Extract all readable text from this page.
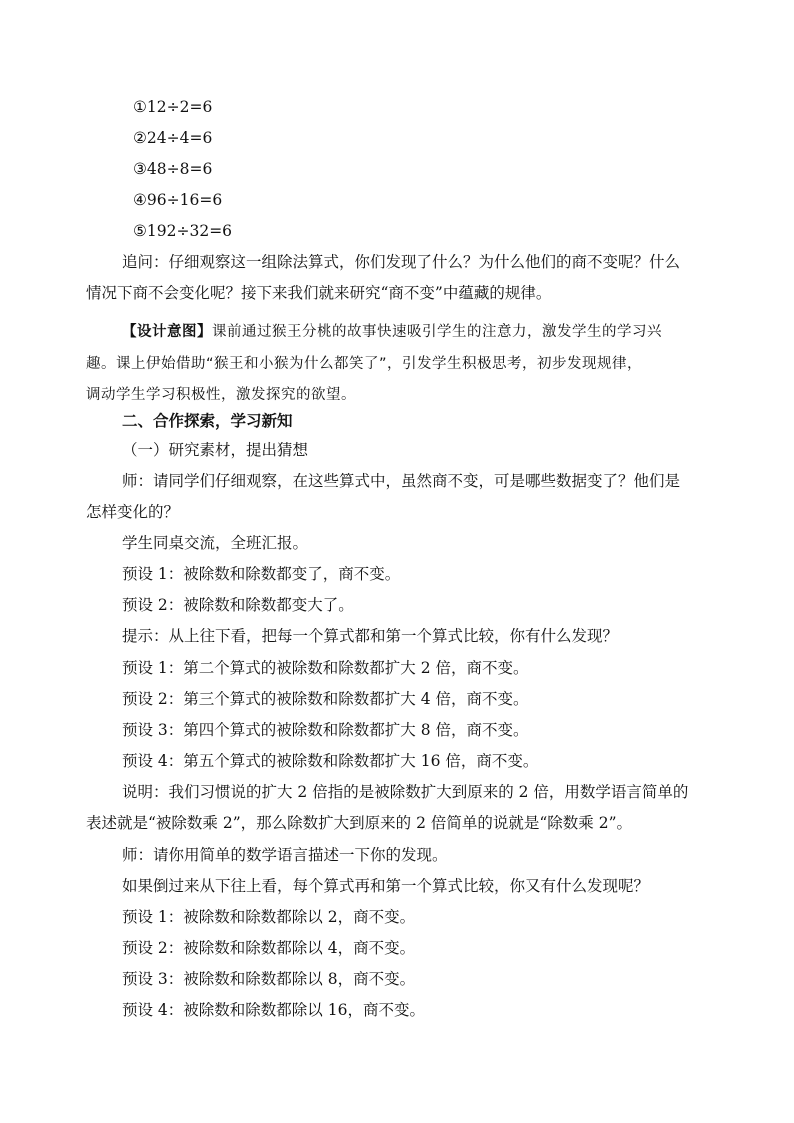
①12÷2=6
②24÷4=6
③48÷8=6
④96÷16=6
⑤192÷32=6
追问：仔细观察这一组除法算式，你们发现了什么？为什么他们的商不变呢？什么
情况下商不会变化呢？接下来我们就来研究“商不变”中蕴藏的规律。
【设计意图】课前通过猴王分桃的故事快速吸引学生的注意力，激发学生的学习兴
趣。课上伊始借助“猴王和小猴为什么都笑了”，引发学生积极思考，初步发现规律，
调动学生学习积极性，激发探究的欲望。
二、合作探索，学习新知
（一）研究素材，提出猜想
师：请同学们仔细观察，在这些算式中，虽然商不变，可是哪些数据变了？他们是
怎样变化的？
学生同桌交流，全班汇报。
预设 1：被除数和除数都变了，商不变。
预设 2：被除数和除数都变大了。
提示：从上往下看，把每一个算式都和第一个算式比较，你有什么发现？
预设 1：第二个算式的被除数和除数都扩大 2 倍，商不变。
预设 2：第三个算式的被除数和除数都扩大 4 倍，商不变。
预设 3：第四个算式的被除数和除数都扩大 8 倍，商不变。
预设 4：第五个算式的被除数和除数都扩大 16 倍，商不变。
说明：我们习惯说的扩大 2 倍指的是被除数扩大到原来的 2 倍，用数学语言简单的
表述就是“被除数乘 2”，那么除数扩大到原来的 2 倍简单的说就是“除数乘 2”。
师：请你用简单的数学语言描述一下你的发现。
如果倒过来从下往上看，每个算式再和第一个算式比较，你又有什么发现呢？
预设 1：被除数和除数都除以 2，商不变。
预设 2：被除数和除数都除以 4，商不变。
预设 3：被除数和除数都除以 8，商不变。
预设 4：被除数和除数都除以 16，商不变。
